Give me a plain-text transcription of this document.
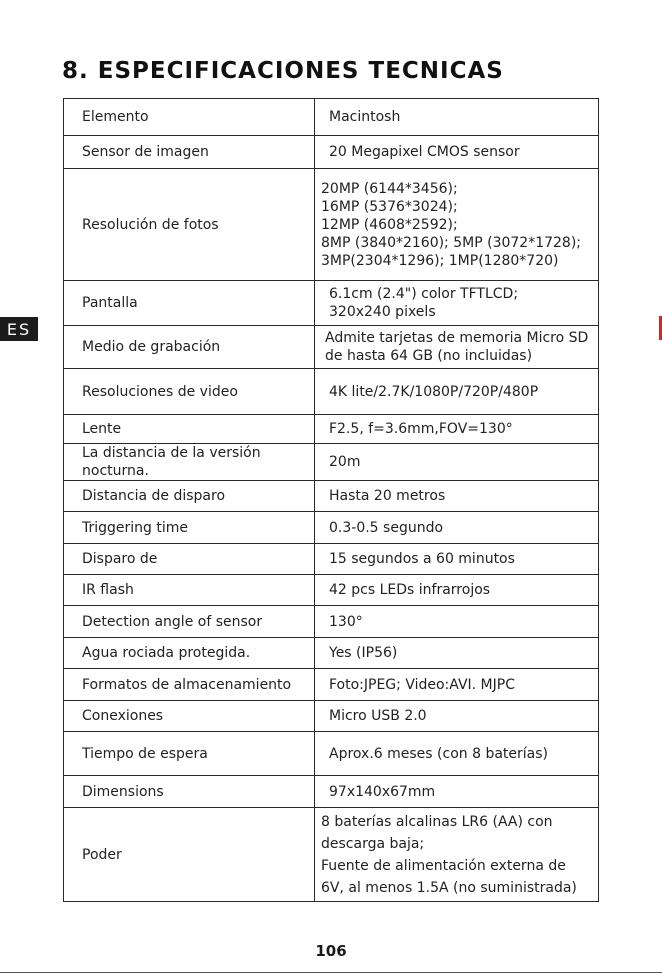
8. ESPECIFICACIONES TECNICAS
ES
Elemento	Macintosh
Sensor de imagen	20 Megapixel CMOS sensor

Resolución de fotos	20MP (6144*3456);
16MP (5376*3024);
12MP (4608*2592);
8MP (3840*2160); 5MP (3072*1728);
3MP(2304*1296); 1MP(1280*720)

Pantalla	6.1cm (2.4") color TFTLCD;
320x240 pixels

Medio de grabación	Admite tarjetas de memoria Micro SD
de hasta 64 GB (no incluidas)

Resoluciones de video	4K lite/2.7K/1080P/720P/480P
Lente	F2.5, f=3.6mm,FOV=130°
La distancia de la versión nocturna.	20m
Distancia de disparo	Hasta 20 metros
Triggering time	0.3-0.5 segundo
Disparo de	15 segundos a 60 minutos
IR flash	42 pcs LEDs infrarrojos
Detection angle of sensor	130°
Agua rociada protegida.	Yes (IP56)
Formatos de almacenamiento	Foto:JPEG; Video:AVI. MJPC
Conexiones	Micro USB 2.0
Tiempo de espera	Aprox.6 meses (con 8 baterías)
Dimensions	97x140x67mm
Poder	8 baterías alcalinas LR6 (AA) con
descarga baja;
Fuente de alimentación externa de
6V, al menos 1.5A (no suministrada)
106
